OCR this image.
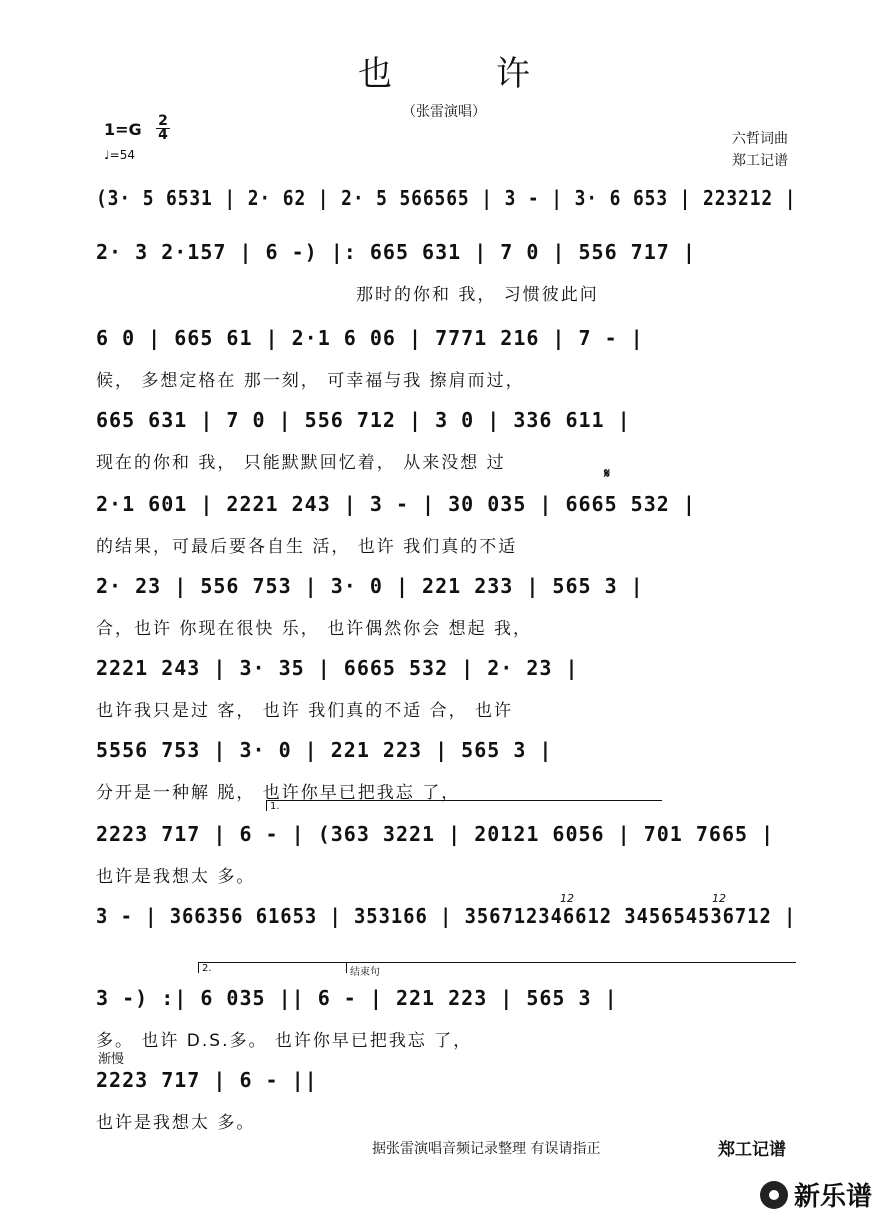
也许
（张雷演唱）
1=G 2
4
♩=54
六哲词曲
郑工记谱
(3· 5 6531 | 2· 62 | 2· 5 566565 | 3 - | 3· 6 653 | 223212 |
2· 3 2·157 | 6 -) |: 665 631 | 7 0 | 556 717 |
那时的你和 我， 习惯彼此问
6 0 | 665 61 | 2·1 6 06 | 7771 216 | 7 - |
候， 多想定格在 那一刻， 可幸福与我 擦肩而过，
665 631 | 7 0 | 556 712 | 3 0 | 336 611 |
现在的你和 我， 只能默默回忆着， 从来没想 过
2·1 601 | 2221 243 | 3 - | 30 035 | 6665 532 |
的结果，可最后要各自生 活， 也许 我们真的不适
2· 23 | 556 753 | 3· 0 | 221 233 | 565 3 |
合，也许 你现在很快 乐， 也许偶然你会 想起 我，
2221 243 | 3· 35 | 6665 532 | 2· 23 |
也许我只是过 客， 也许 我们真的不适 合， 也许
5556 753 | 3· 0 | 221 223 | 565 3 |
分开是一种解 脱， 也许你早已把我忘 了，
2223 717 | 6 - | (363 3221 | 20121 6056 | 701 7665 |
也许是我想太 多。
3 - | 366356 61653 | 353166 | 356712346612 345654536712 |
3 -) :| 6 035 || 6 - | 221 223 | 565 3 |
多。 也许 D.S.多。 也许你早已把我忘 了，
2223 717 | 6 - ||
也许是我想太 多。
𝄋
渐慢
1.
2.	结束句
12	12
据张雷演唱音频记录整理 有误请指正	郑工记谱
新乐谱
